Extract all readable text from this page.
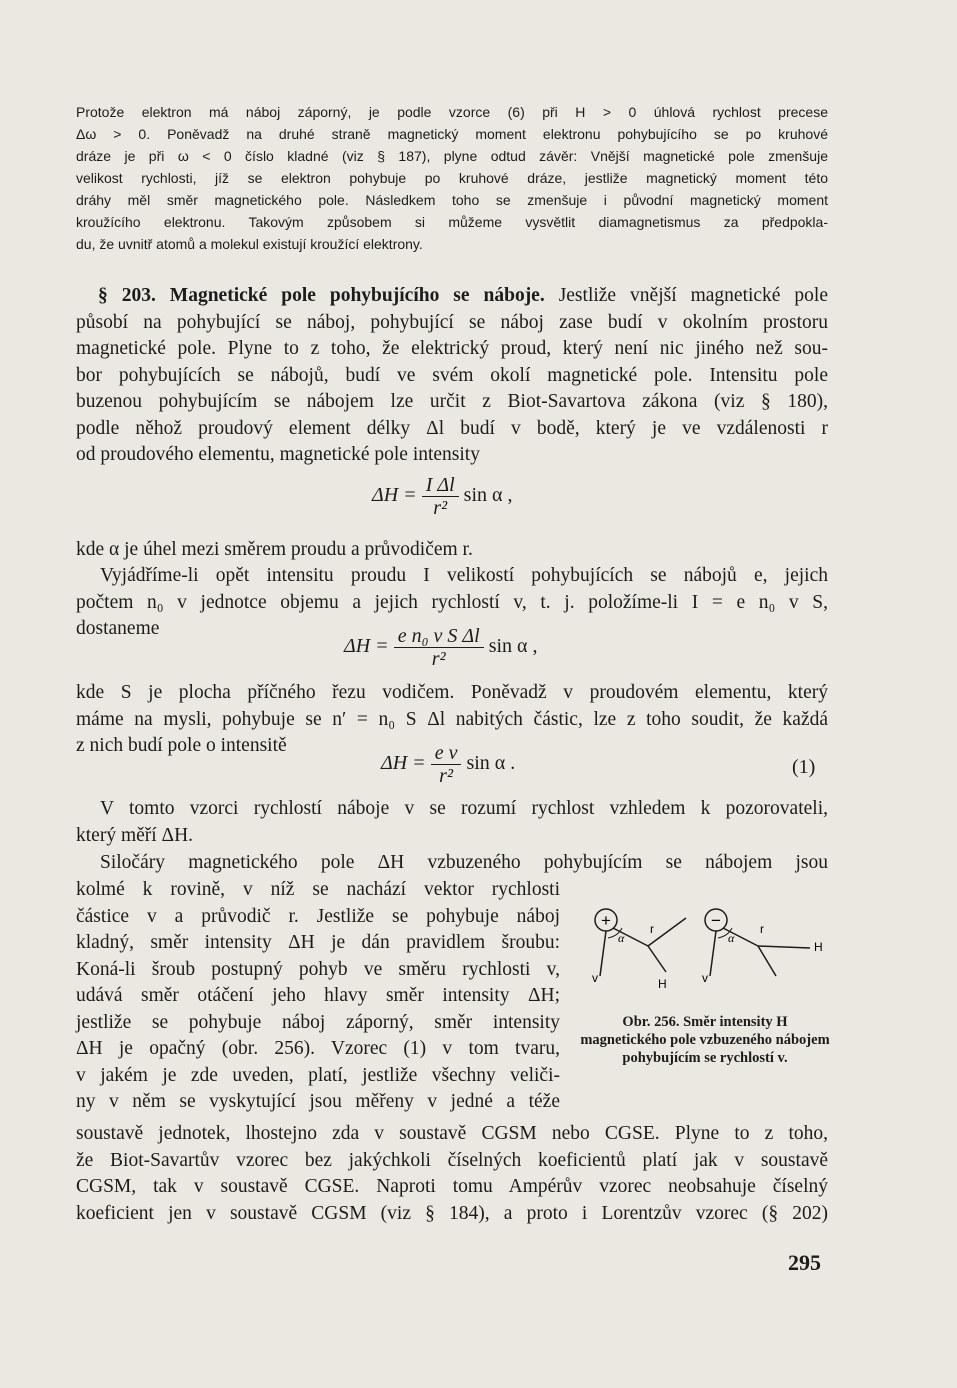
Protože elektron má náboj záporný, je podle vzorce (6) při H > 0 úhlová rychlost precese
Δω > 0. Poněvadž na druhé straně magnetický moment elektronu pohybujícího se po kruhové
dráze je při ω < 0 číslo kladné (viz § 187), plyne odtud závěr: Vnější magnetické pole zmenšuje
velikost rychlosti, jíž se elektron pohybuje po kruhové dráze, jestliže magnetický moment této
dráhy měl směr magnetického pole. Následkem toho se zmenšuje i původní magnetický moment
kroužícího elektronu. Takovým způsobem si můžeme vysvětlit diamagnetismus za předpokla-
du, že uvnitř atomů a molekul existují kroužící elektrony.
§ 203. Magnetické pole pohybujícího se náboje. Jestliže vnější magnetické pole
působí na pohybující se náboj, pohybující se náboj zase budí v okolním prostoru
magnetické pole. Plyne to z toho, že elektrický proud, který není nic jiného než sou-
bor pohybujících se nábojů, budí ve svém okolí magnetické pole. Intensitu pole
buzenou pohybujícím se nábojem lze určit z Biot-Savartova zákona (viz § 180),
podle něhož proudový element délky Δl budí v bodě, který je ve vzdálenosti r
od proudového elementu, magnetické pole intensity
$\Delta H = \frac{\text{I Δl}}{\text{r²}}$ sin α ,
kde α je úhel mezi směrem proudu a průvodičem r.
Vyjádříme-li opět intensitu proudu I velikostí pohybujících se nábojů e, jejich
počtem n₀ v jednotce objemu a jejich rychlostí v, t. j. položíme-li I = e n₀ v S,
dostaneme
$\Delta H = \frac{\text{e n₀ v S Δl}}{\text{r²}}$ sin α ,
kde S je plocha příčného řezu vodičem. Poněvadž v proudovém elementu, který
máme na mysli, pohybuje se n′ = n₀ S Δl nabitých částic, lze z toho soudit, že každá
z nich budí pole o intensitě
$\Delta H = \frac{\text{e v}}{\text{r²}}$ sin α .	(1)
V tomto vzorci rychlostí náboje v se rozumí rychlost vzhledem k pozorovateli,
který měří ΔH.
Siločáry magnetického pole ΔH vzbuzeného pohybujícím se nábojem jsou
kolmé k rovině, v níž se nachází vektor rychlosti
částice v a průvodič r. Jestliže se pohybuje náboj
kladný, směr intensity ΔH je dán pravidlem šroubu:
Koná-li šroub postupný pohyb ve směru rychlosti v,
udává směr otáčení jeho hlavy směr intensity ΔH;
jestliže se pohybuje náboj záporný, směr intensity
ΔH je opačný (obr. 256). Vzorec (1) v tom tvaru,
v jakém je zde uveden, platí, jestliže všechny veliči-
ny v něm se vyskytující jsou měřeny v jedné a téže
soustavě jednotek, lhostejno zda v soustavě CGSM nebo CGSE. Plyne to z toho,
že Biot-Savartův vzorec bez jakýchkoli číselných koeficientů platí jak v soustavě
CGSM, tak v soustavě CGSE. Naproti tomu Ampérův vzorec neobsahuje číselný
koeficient jen v soustavě CGSM (viz § 184), a proto i Lorentzův vzorec (§ 202)
+
α
r
v	H
−
α
r
v
H
Obr. 256. Směr intensity H magnetického pole vzbuzeného nábojem pohybujícím se rychlostí v.
295
